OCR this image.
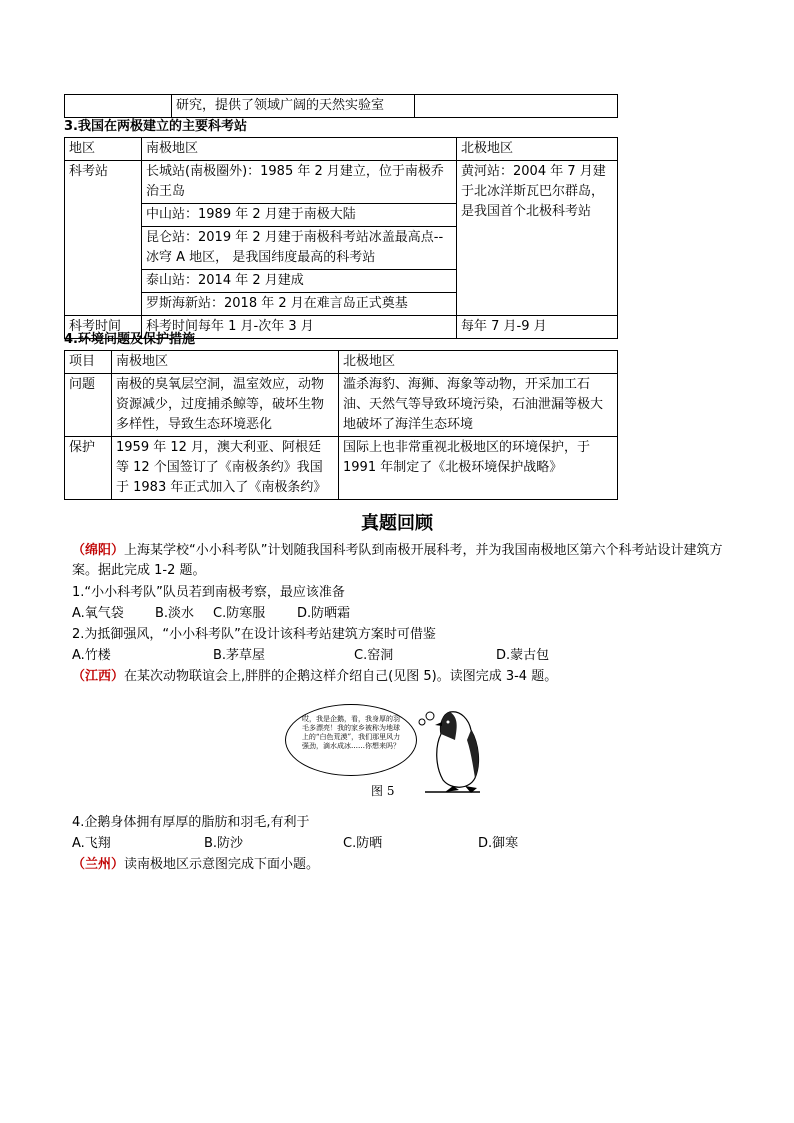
	研究，提供了领域广阔的天然实验室	
3.我国在两极建立的主要科考站
地区	南极地区	北极地区
科考站	长城站(南极圈外)：1985 年 2 月建立，位于南极乔治王岛	黄河站：2004 年 7 月建于北冰洋斯瓦巴尔群岛，是我国首个北极科考站
	中山站：1989 年 2 月建于南极大陆	
	昆仑站：2019 年 2 月建于南极科考站冰盖最高点--冰穹 A 地区， 是我国纬度最高的科考站	
	泰山站：2014 年 2 月建成	
	罗斯海新站：2018 年 2 月在难言岛正式奠基	
科考时间	科考时间每年 1 月-次年 3 月	每年 7 月-9 月
4.环境问题及保护措施
项目	南极地区	北极地区
问题	南极的臭氧层空洞，温室效应，动物资源减少，过度捕杀鲸等，破坏生物多样性，导致生态环境恶化	滥杀海豹、海狮、海象等动物，开采加工石油、天然气等导致环境污染，石油泄漏等极大地破坏了海洋生态环境
保护	1959 年 12 月，澳大利亚、阿根廷等 12 个国签订了《南极条约》我国于 1983 年正式加入了《南极条约》	国际上也非常重视北极地区的环境保护，于 1991 年制定了《北极环境保护战略》
真题回顾
（绵阳）上海某学校“小小科考队”计划随我国科考队到南极开展科考，并为我国南极地区第六个科考站设计建筑方案。据此完成 1-2 题。
1.“小小科考队”队员若到南极考察，最应该准备
A.氧气袋 B.淡水 C.防寒服 D.防晒霜
2.为抵御强风，“小小科考队”在设计该科考站建筑方案时可借鉴
A.竹楼	B.茅草屋	C.窑洞	D.蒙古包
（江西）在某次动物联谊会上,胖胖的企鹅这样介绍自己(见图 5)。读图完成 3-4 题。
哎，我是企鹅，看，我身厚的羽毛多漂亮！我的家乡被称为地球上的“白色荒漠”，我们那里风力强劲，滴水成冰……你想来吗？
图 5
4.企鹅身体拥有厚厚的脂肪和羽毛,有利于
A.飞翔	B.防沙	C.防晒	D.御寒
（兰州）读南极地区示意图完成下面小题。
